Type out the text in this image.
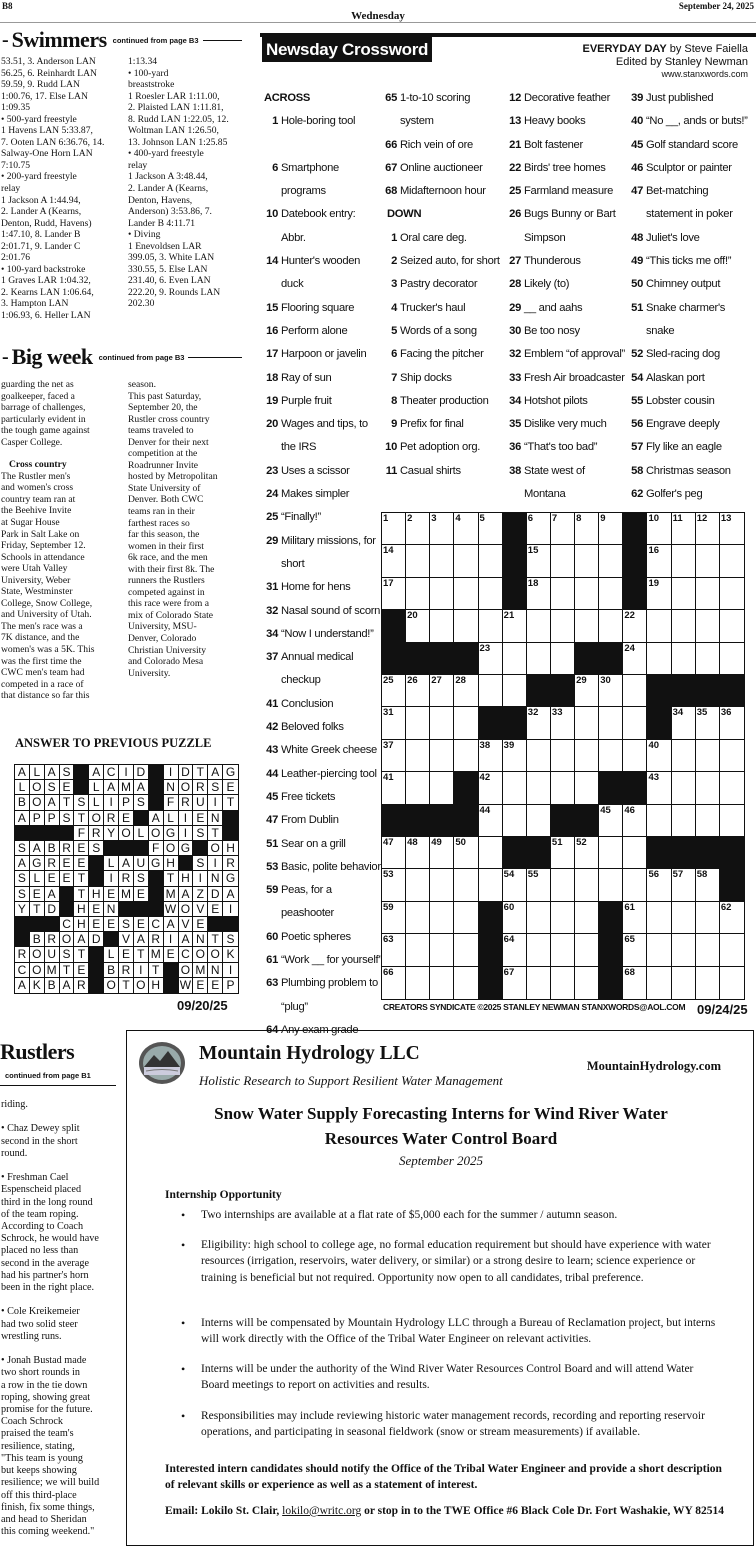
B8
Wednesday
September 24, 2025
- Swimmers continued from page B3
53.51, 3. Anderson LAN
56.25, 6. Reinhardt LAN
59.59, 9. Rudd LAN
1:00.76, 17. Else LAN
1:09.35
• 500-yard freestyle
1 Havens LAN 5:33.87,
7. Ooten LAN 6:36.76, 14.
Salway-One Horn LAN
7:10.75
• 200-yard freestyle
relay
1 Jackson A 1:44.94,
2. Lander A (Kearns,
Denton, Rudd, Havens)
1:47.10, 8. Lander B
2:01.71, 9. Lander C
2:01.76
• 100-yard backstroke
1 Graves LAR 1:04.32,
2. Kearns LAN 1:06.64,
3. Hampton LAN
1:06.93, 6. Heller LAN
1:13.34
• 100-yard
breaststroke
1 Roesler LAR 1:11.00,
2. Plaisted LAN 1:11.81,
8. Rudd LAN 1:22.05, 12.
Woltman LAN 1:26.50,
13. Johnson LAN 1:25.85
• 400-yard freestyle
relay
1 Jackson A 3:48.44,
2. Lander A (Kearns,
Denton, Havens,
Anderson) 3:53.86, 7.
Lander B 4:11.71
• Diving
1 Enevoldsen LAR
399.05, 3. White LAN
330.55, 5. Else LAN
231.40, 6. Even LAN
222.20, 9. Rounds LAN
202.30
- Big week continued from page B3
guarding the net as
goalkeeper, faced a
barrage of challenges,
particularly evident in
the tough game against
Casper College.
Cross country
The Rustler men's
and women's cross
country team ran at
the Beehive Invite
at Sugar House
Park in Salt Lake on
Friday, September 12.
Schools in attendance
were Utah Valley
University, Weber
State, Westminster
College, Snow College,
and University of Utah.
The men's race was a
7K distance, and the
women's was a 5K. This
was the first time the
CWC men's team had
competed in a race of
that distance so far this
season.
This past Saturday,
September 20, the
Rustler cross country
teams traveled to
Denver for their next
competition at the
Roadrunner Invite
hosted by Metropolitan
State University of
Denver. Both CWC
teams ran in their
farthest races so
far this season, the
women in their first
6k race, and the men
with their first 8k. The
runners the Rustlers
competed against in
this race were from a
mix of Colorado State
University, MSU-
Denver, Colorado
Christian University
and Colorado Mesa
University.
ANSWER TO PREVIOUS PUZZLE
A L A S	A C I D	I D T A G
L O S E	L A M A	N O R S E
B O A T S L I P S	F R U I T
A P P S T O R E	A L I E N
F R Y O L O G I S T
S A B R E S	F O G O H
A G R E E	L A U G H S I R
S L E E T	I R S	T H I N G
S E A	T H E M E	M A Z D A
Y T D H E N	W O V E I
C H E E S E C A V E
B R O A D V A R I A N T S
R O U S T	L E T M E C O O K
C O M T E	B R I T	O M N I
A K B A R O T O H W E E P
09/20/25
Rustlers
continued from page B1
riding.

• Chaz Dewey split
second in the short
round.

• Freshman Cael
Espenscheid placed
third in the long round
of the team roping.
According to Coach
Schrock, he would have
placed no less than
second in the average
had his partner's horn
been in the right place.

• Cole Kreikemeier
had two solid steer
wrestling runs.

• Jonah Bustad made
two short rounds in
a row in the tie down
roping, showing great
promise for the future.
Coach Schrock
praised the team's
resilience, stating,
"This team is young
but keeps showing
resilience; we will build
off this third-place
finish, fix some things,
and head to Sheridan
this coming weekend."
Newsday Crossword	EVERYDAY DAY by Steve Faiella
Edited by Stanley Newman
www.stanxwords.com
ACROSS
1 Hole-boring tool
6 Smartphone
programs
10 Datebook entry:
Abbr.
14 Hunter's wooden
duck
15 Flooring square
16 Perform alone
17 Harpoon or javelin
18 Ray of sun
19 Purple fruit
20 Wages and tips, to
the IRS
23 Uses a scissor
24 Makes simpler
25 “Finally!”
29 Military missions, for
short
31 Home for hens
32 Nasal sound of scorn
34 “Now I understand!”
37 Annual medical
checkup
41 Conclusion
42 Beloved folks
43 White Greek cheese
44 Leather-piercing tool
45 Free tickets
47 From Dublin
51 Sear on a grill
53 Basic, polite behavior
59 Peas, for a
peashooter
60 Poetic spheres
61 “Work __ for yourself”
63 Plumbing problem to
“plug”
64 Any exam grade
65 1-to-10 scoring
system
66 Rich vein of ore
67 Online auctioneer
68 Midafternoon hour
DOWN
1 Oral care deg.
2 Seized auto, for short
3 Pastry decorator
4 Trucker's haul
5 Words of a song
6 Facing the pitcher
7 Ship docks
8 Theater production
9 Prefix for final
10 Pet adoption org.
11 Casual shirts
12 Decorative feather
13 Heavy books
21 Bolt fastener
22 Birds' tree homes
25 Farmland measure
26 Bugs Bunny or Bart
Simpson
27 Thunderous
28 Likely (to)
29 __ and aahs
30 Be too nosy
32 Emblem “of approval”
33 Fresh Air broadcaster
34 Hotshot pilots
35 Dislike very much
36 “That's too bad”
38 State west of
Montana
39 Just published
40 “No __, ands or buts!”
45 Golf standard score
46 Sculptor or painter
47 Bet-matching
statement in poker
48 Juliet's love
49 “This ticks me off!”
50 Chimney output
51 Snake charmer's
snake
52 Sled-racing dog
54 Alaskan port
55 Lobster cousin
56 Engrave deeply
57 Fly like an eagle
58 Christmas season
62 Golfer's peg
1 2 3 4 5	6 7 8 9	10 11 12 13
14	15	16
17	18	19
20	21	22
23	24
25 26 27 28	29 30
31	32 33	34 35 36
37	38 39	40
41	42	43
44	45 46
47 48 49 50	51 52
53	54 55	56 57 58
59	60	61	62
63	64	65
66	67	68
CREATORS SYNDICATE ©2025 STANLEY NEWMAN STANXWORDS@AOL.COM 09/24/25
Mountain Hydrology LLC
Holistic Research to Support Resilient Water Management
MountainHydrology.com
Snow Water Supply Forecasting Interns for Wind River Water Resources Water Control Board
September 2025
Internship Opportunity
• Two internships are available at a flat rate of $5,000 each for the summer / autumn season.
• Eligibility: high school to college age, no formal education requirement but should have experience with water resources (irrigation, reservoirs, water delivery, or similar) or a strong desire to learn; science experience or training is beneficial but not required. Opportunity now open to all candidates, tribal preference.
• Interns will be compensated by Mountain Hydrology LLC through a Bureau of Reclamation project, but interns will work directly with the Office of the Tribal Water Engineer on relevant activities.
• Interns will be under the authority of the Wind River Water Resources Control Board and will attend Water Board meetings to report on activities and results.
• Responsibilities may include reviewing historic water management records, recording and reporting reservoir operations, and participating in seasonal fieldwork (snow or stream measurements) if available.
Interested intern candidates should notify the Office of the Tribal Water Engineer and provide a short description of relevant skills or experience as well as a statement of interest.
Email: Lokilo St. Clair, lokilo@writc.org or stop in to the TWE Office #6 Black Cole Dr. Fort Washakie, WY 82514
